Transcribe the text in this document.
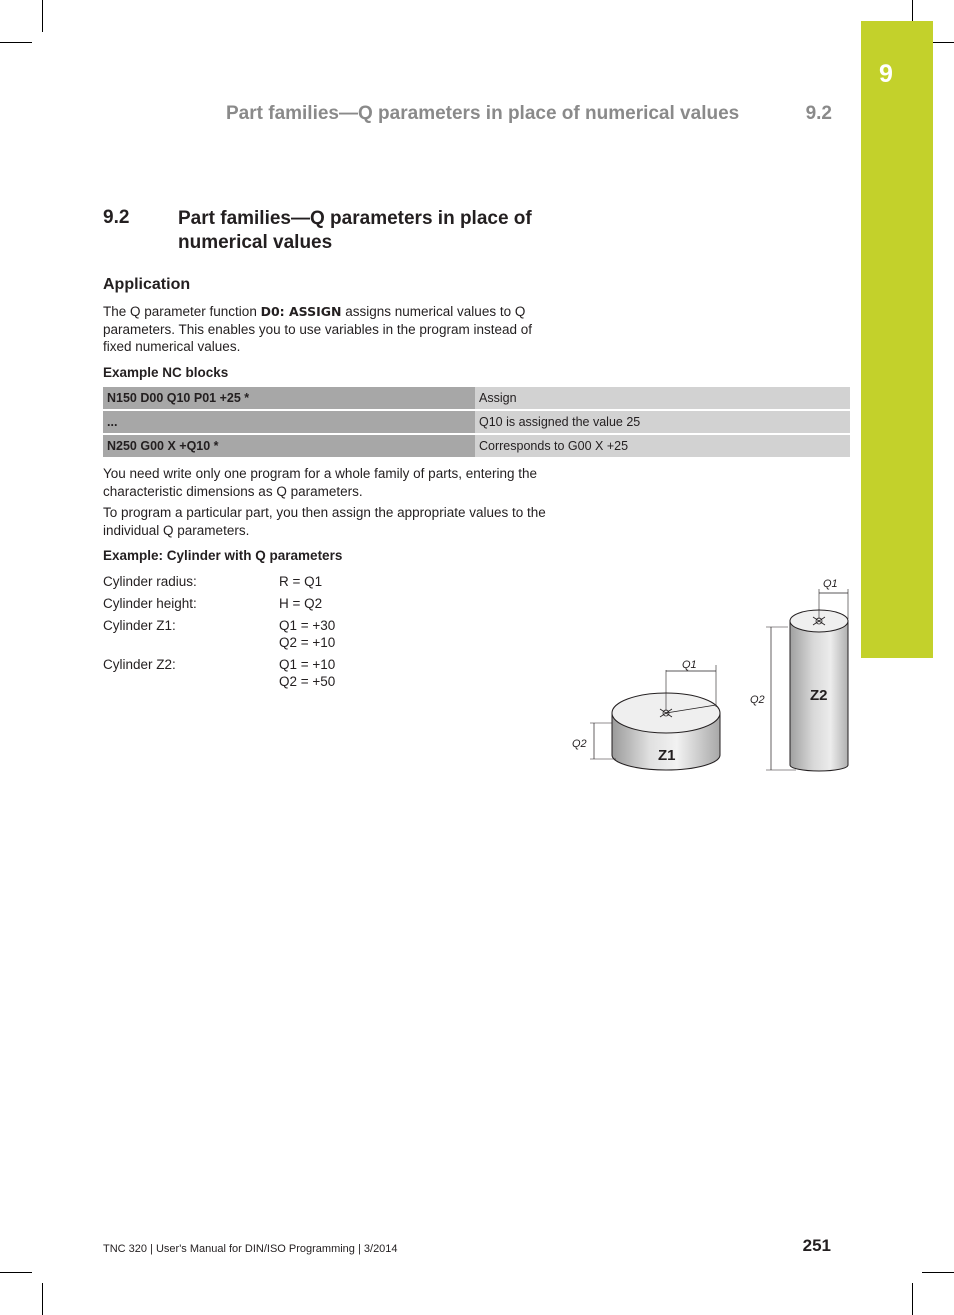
9
Part families—Q parameters in place of numerical values	9.2
9.2	Part families—Q parameters in place of numerical values
Application
The Q parameter function D0: ASSIGN assigns numerical values to Q parameters. This enables you to use variables in the program instead of fixed numerical values.
Example NC blocks
N150 D00 Q10 P01 +25 *	Assign
...	Q10 is assigned the value 25
N250 G00 X +Q10 *	Corresponds to G00 X +25
You need write only one program for a whole family of parts, entering the characteristic dimensions as Q parameters.
To program a particular part, you then assign the appropriate values to the individual Q parameters.
Example: Cylinder with Q parameters
Cylinder radius:	R = Q1
Cylinder height:	H = Q2
Cylinder Z1:	Q1 = +30
Q2 = +10
Cylinder Z2:	Q1 = +10
Q2 = +50
Q1
Q2
Z1
Q1
Q2	Z2
TNC 320 | User's Manual for DIN/ISO Programming | 3/2014	251
